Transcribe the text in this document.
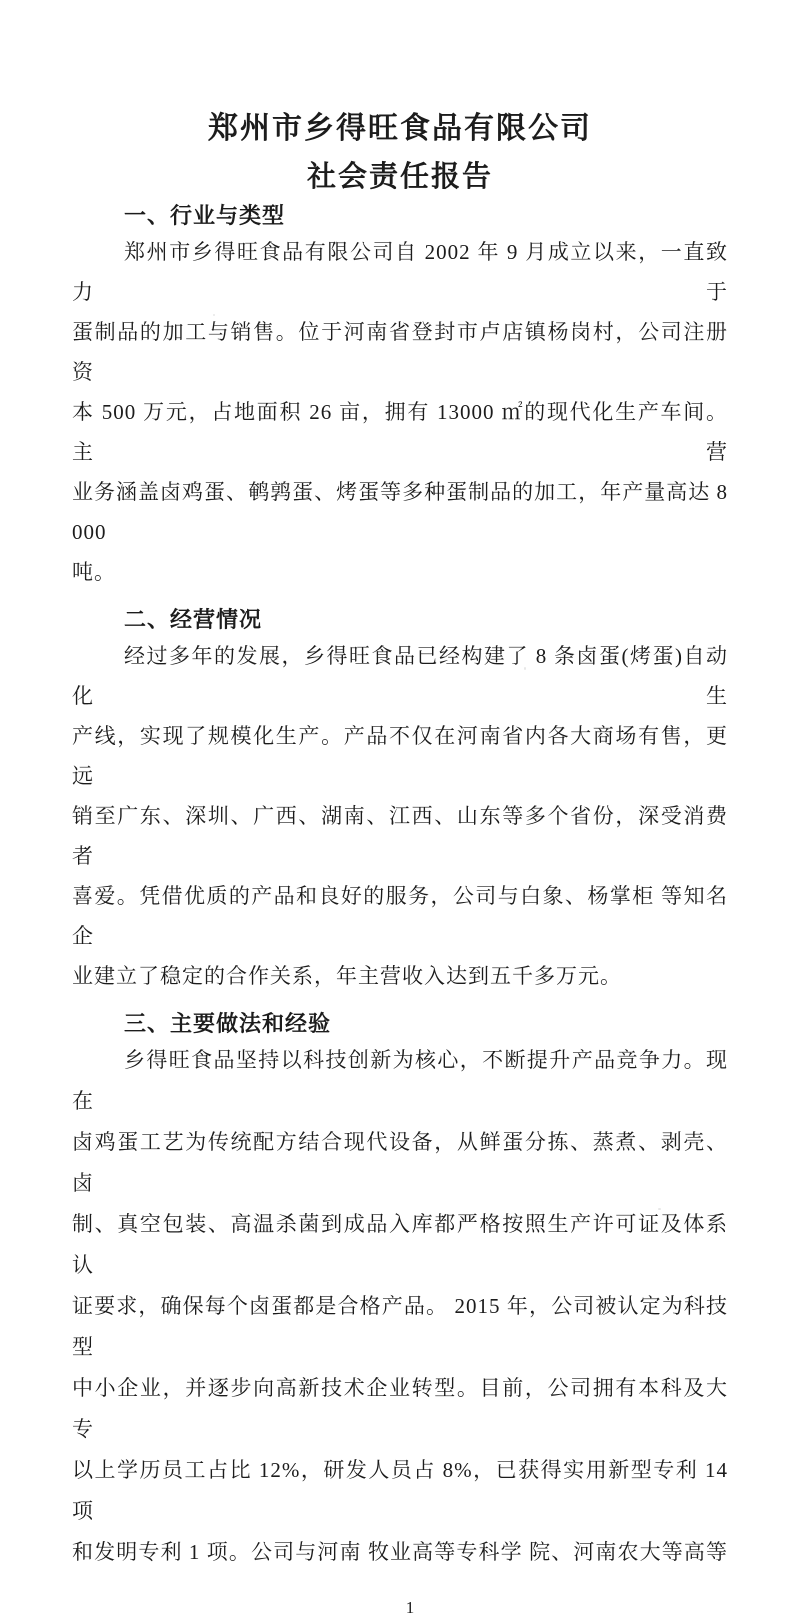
郑州市乡得旺食品有限公司
社会责任报告
一、行业与类型
郑州市乡得旺食品有限公司自 2002 年 9 月成立以来，一直致力于
蛋制品的加工与销售。位于河南省登封市卢店镇杨岗村，公司注册资
本 500 万元，占地面积 26 亩，拥有 13000 ㎡的现代化生产车间。主营
业务涵盖卤鸡蛋、鹌鹑蛋、烤蛋等多种蛋制品的加工，年产量高达 8 000
吨。
二、经营情况
经过多年的发展，乡得旺食品已经构建了 8 条卤蛋(烤蛋)自动化生
产线，实现了规模化生产。产品不仅在河南省内各大商场有售，更远
销至广东、深圳、广西、湖南、江西、山东等多个省份，深受消费者
喜爱。凭借优质的产品和良好的服务，公司与白象、杨掌柜 等知名企
业建立了稳定的合作关系，年主营收入达到五千多万元。
三、主要做法和经验
乡得旺食品坚持以科技创新为核心，不断提升产品竞争力。现在
卤鸡蛋工艺为传统配方结合现代设备，从鲜蛋分拣、蒸煮、剥壳、卤
制、真空包装、高温杀菌到成品入库都严格按照生产许可证及体系认
证要求，确保每个卤蛋都是合格产品。 2015 年，公司被认定为科技型
中小企业，并逐步向高新技术企业转型。目前，公司拥有本科及大专
以上学历员工占比 12%，研发人员占 8%，已获得实用新型专利 14 项
和发明专利 1 项。公司与河南 牧业高等专科学 院、河南农大等高等
1
